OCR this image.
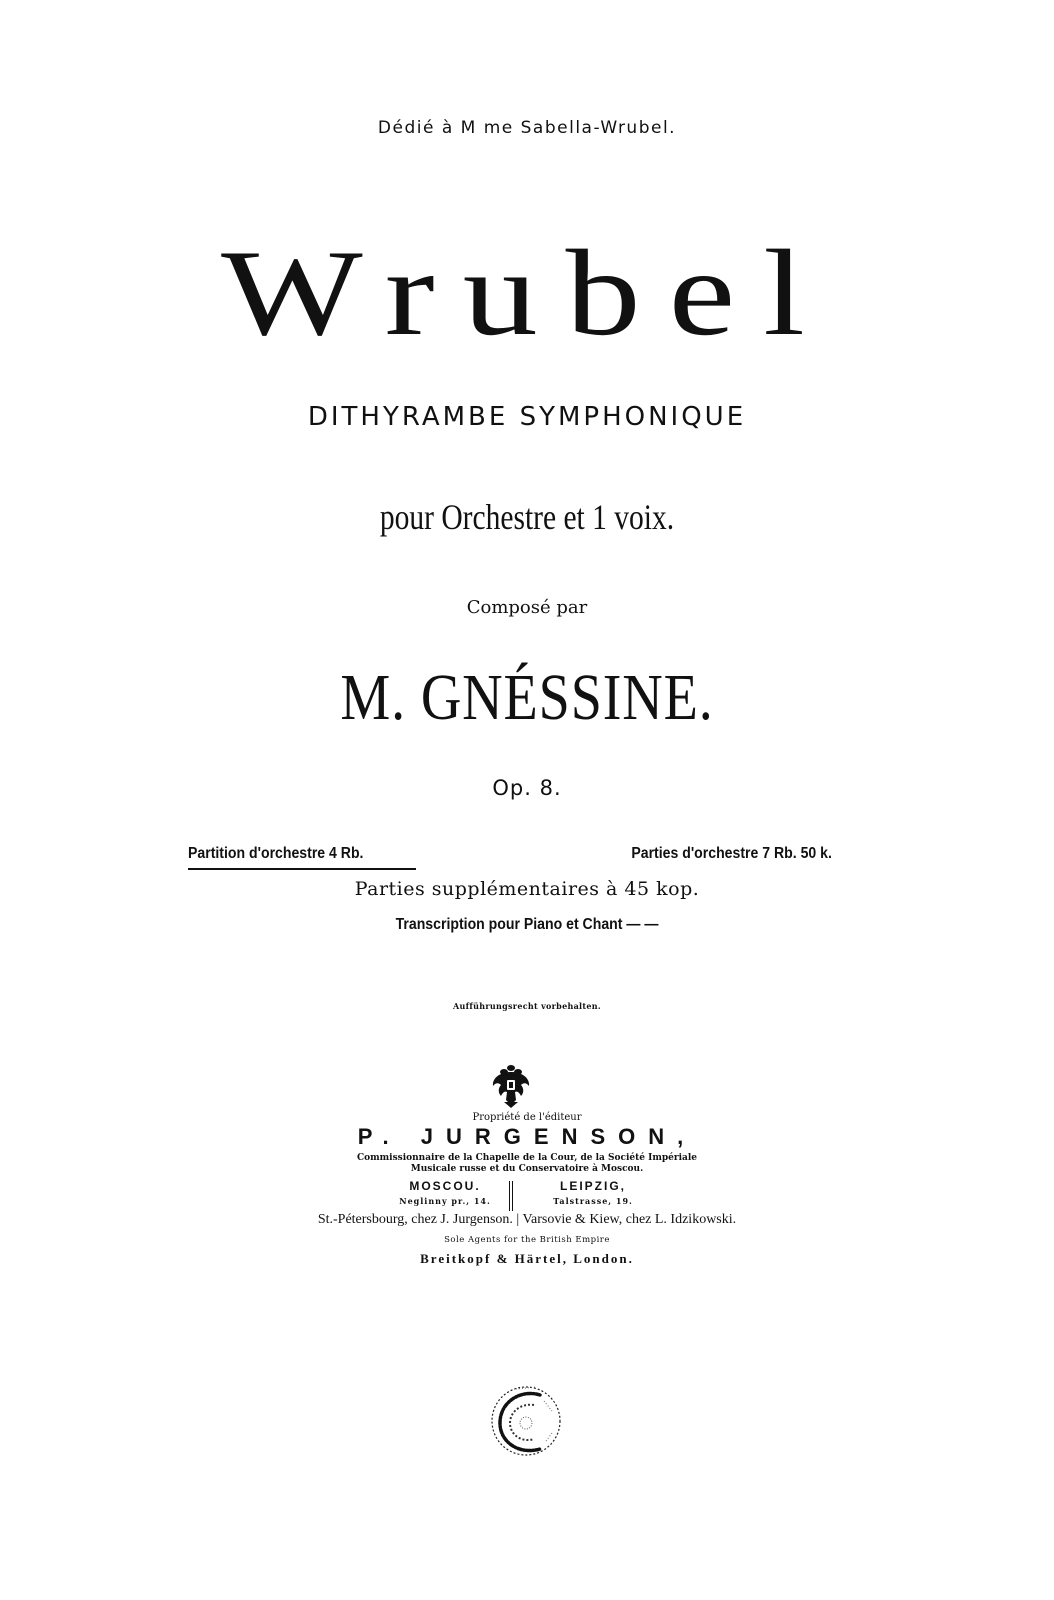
Dédié à M me Sabella-Wrubel.
Wrubel
DITHYRAMBE SYMPHONIQUE
pour Orchestre et 1 voix.
Composé par
M. GNÉSSINE.
Op. 8.
Partition d'orchestre 4 Rb.	Parties d'orchestre 7 Rb. 50 k.
Parties supplémentaires à 45 kop.
Transcription pour Piano et Chant — —
Aufführungsrecht vorbehalten.
Propriété de l'éditeur
P. JURGENSON,
Commissionnaire de la Chapelle de la Cour, de la Société Impériale
Musicale russe et du Conservatoire à Moscou.
MOSCOU.
Neglinny pr., 14.
LEIPZIG,
Talstrasse, 19.
St.-Pétersbourg, chez J. Jurgenson. | Varsovie & Kiew, chez L. Idzikowski.
Sole Agents for the British Empire
Breitkopf & Härtel, London.
